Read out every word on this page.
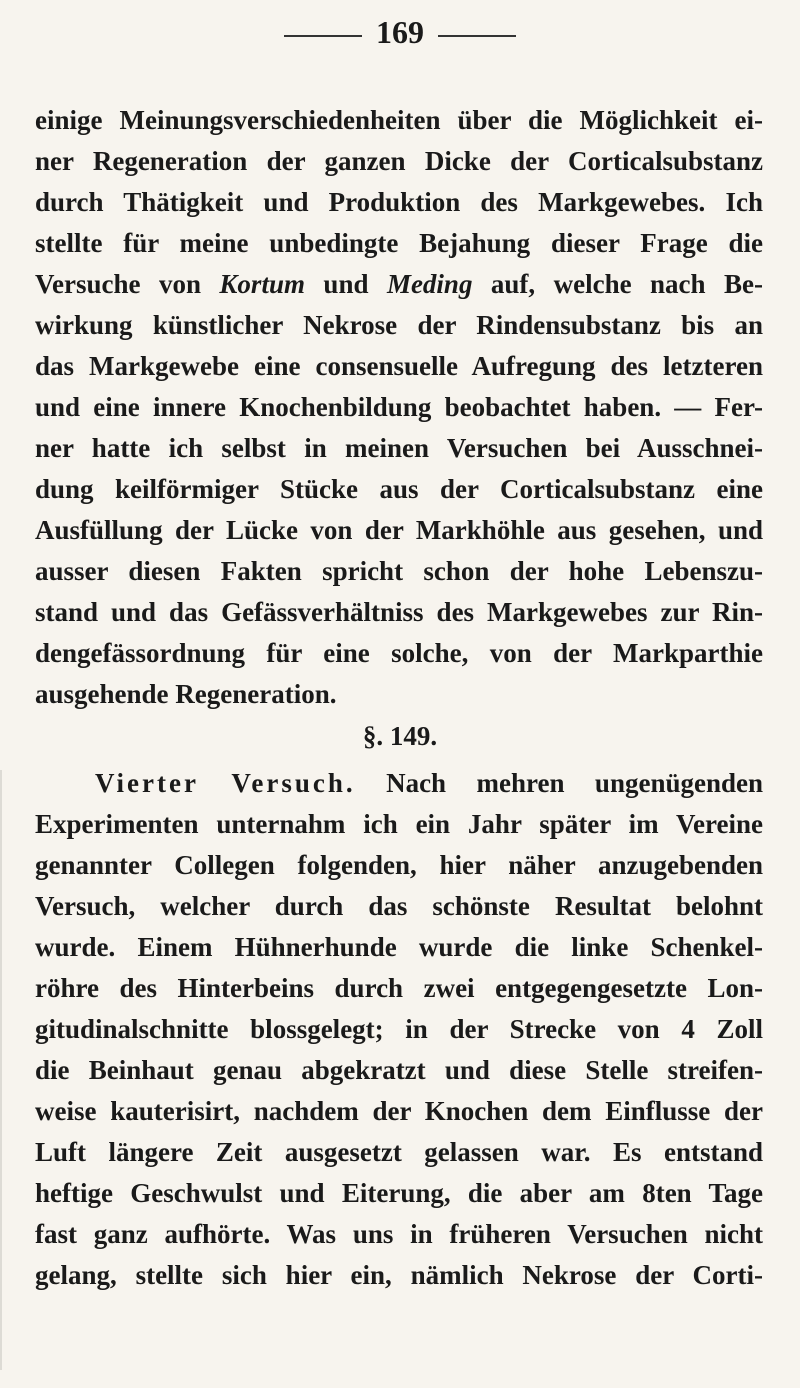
169
einige Meinungsverschiedenheiten über die Möglichkeit ei-
ner Regeneration der ganzen Dicke der Corticalsubstanz
durch Thätigkeit und Produktion des Markgewebes. Ich
stellte für meine unbedingte Bejahung dieser Frage die
Versuche von Kortum und Meding auf, welche nach Be-
wirkung künstlicher Nekrose der Rindensubstanz bis an
das Markgewebe eine consensuelle Aufregung des letzteren
und eine innere Knochenbildung beobachtet haben. — Fer-
ner hatte ich selbst in meinen Versuchen bei Ausschnei-
dung keilförmiger Stücke aus der Corticalsubstanz eine
Ausfüllung der Lücke von der Markhöhle aus gesehen, und
ausser diesen Fakten spricht schon der hohe Lebenszu-
stand und das Gefässverhältniss des Markgewebes zur Rin-
dengefässordnung für eine solche, von der Markparthie
ausgehende Regeneration.
§. 149.
Vierter Versuch. Nach mehren ungenügenden
Experimenten unternahm ich ein Jahr später im Vereine
genannter Collegen folgenden, hier näher anzugebenden
Versuch, welcher durch das schönste Resultat belohnt
wurde. Einem Hühnerhunde wurde die linke Schenkel-
röhre des Hinterbeins durch zwei entgegengesetzte Lon-
gitudinalschnitte blossgelegt; in der Strecke von 4 Zoll
die Beinhaut genau abgekratzt und diese Stelle streifen-
weise kauterisirt, nachdem der Knochen dem Einflusse der
Luft längere Zeit ausgesetzt gelassen war. Es entstand
heftige Geschwulst und Eiterung, die aber am 8ten Tage
fast ganz aufhörte. Was uns in früheren Versuchen nicht
gelang, stellte sich hier ein, nämlich Nekrose der Corti-
